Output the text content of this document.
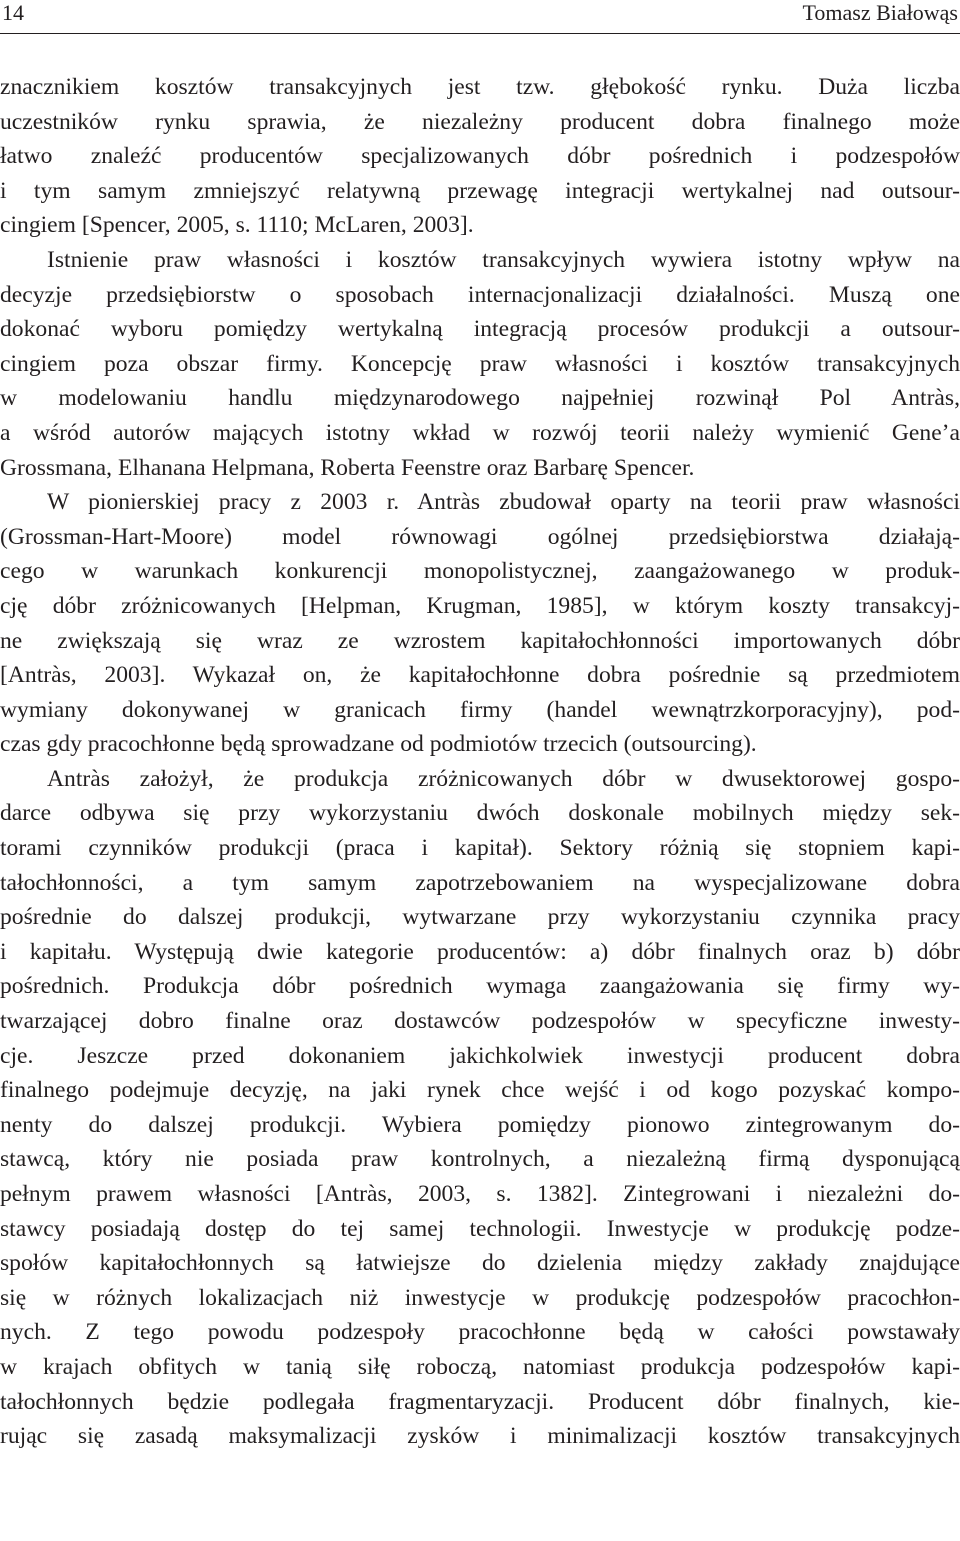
14	Tomasz Białowąs
znacznikiem kosztów transakcyjnych jest tzw. głębokość rynku. Duża liczba
uczestników rynku sprawia, że niezależny producent dobra finalnego może
łatwo znaleźć producentów specjalizowanych dóbr pośrednich i podzespołów
i tym samym zmniejszyć relatywną przewagę integracji wertykalnej nad outsour-
cingiem [Spencer, 2005, s. 1110; McLaren, 2003].
Istnienie praw własności i kosztów transakcyjnych wywiera istotny wpływ na
decyzje przedsiębiorstw o sposobach internacjonalizacji działalności. Muszą one
dokonać wyboru pomiędzy wertykalną integracją procesów produkcji a outsour-
cingiem poza obszar firmy. Koncepcję praw własności i kosztów transakcyjnych
w modelowaniu handlu międzynarodowego najpełniej rozwinął Pol Antràs,
a wśród autorów mających istotny wkład w rozwój teorii należy wymienić Gene’a
Grossmana, Elhanana Helpmana, Roberta Feenstre oraz Barbarę Spencer.
W pionierskiej pracy z 2003 r. Antràs zbudował oparty na teorii praw własności
(Grossman-Hart-Moore) model równowagi ogólnej przedsiębiorstwa działają-
cego w warunkach konkurencji monopolistycznej, zaangażowanego w produk-
cję dóbr zróżnicowanych [Helpman, Krugman, 1985], w którym koszty transakcyj-
ne zwiększają się wraz ze wzrostem kapitałochłonności importowanych dóbr
[Antràs, 2003]. Wykazał on, że kapitałochłonne dobra pośrednie są przedmiotem
wymiany dokonywanej w granicach firmy (handel wewnątrzkorporacyjny), pod-
czas gdy pracochłonne będą sprowadzane od podmiotów trzecich (outsourcing).
Antràs założył, że produkcja zróżnicowanych dóbr w dwusektorowej gospo-
darce odbywa się przy wykorzystaniu dwóch doskonale mobilnych między sek-
torami czynników produkcji (praca i kapitał). Sektory różnią się stopniem kapi-
tałochłonności, a tym samym zapotrzebowaniem na wyspecjalizowane dobra
pośrednie do dalszej produkcji, wytwarzane przy wykorzystaniu czynnika pracy
i kapitału. Występują dwie kategorie producentów: a) dóbr finalnych oraz b) dóbr
pośrednich. Produkcja dóbr pośrednich wymaga zaangażowania się firmy wy-
twarzającej dobro finalne oraz dostawców podzespołów w specyficzne inwesty-
cje. Jeszcze przed dokonaniem jakichkolwiek inwestycji producent dobra
finalnego podejmuje decyzję, na jaki rynek chce wejść i od kogo pozyskać kompo-
nenty do dalszej produkcji. Wybiera pomiędzy pionowo zintegrowanym do-
stawcą, który nie posiada praw kontrolnych, a niezależną firmą dysponującą
pełnym prawem własności [Antràs, 2003, s. 1382]. Zintegrowani i niezależni do-
stawcy posiadają dostęp do tej samej technologii. Inwestycje w produkcję podze-
społów kapitałochłonnych są łatwiejsze do dzielenia między zakłady znajdujące
się w różnych lokalizacjach niż inwestycje w produkcję podzespołów pracochłon-
nych. Z tego powodu podzespoły pracochłonne będą w całości powstawały
w krajach obfitych w tanią siłę roboczą, natomiast produkcja podzespołów kapi-
tałochłonnych będzie podlegała fragmentaryzacji. Producent dóbr finalnych, kie-
rując się zasadą maksymalizacji zysków i minimalizacji kosztów transakcyjnych
